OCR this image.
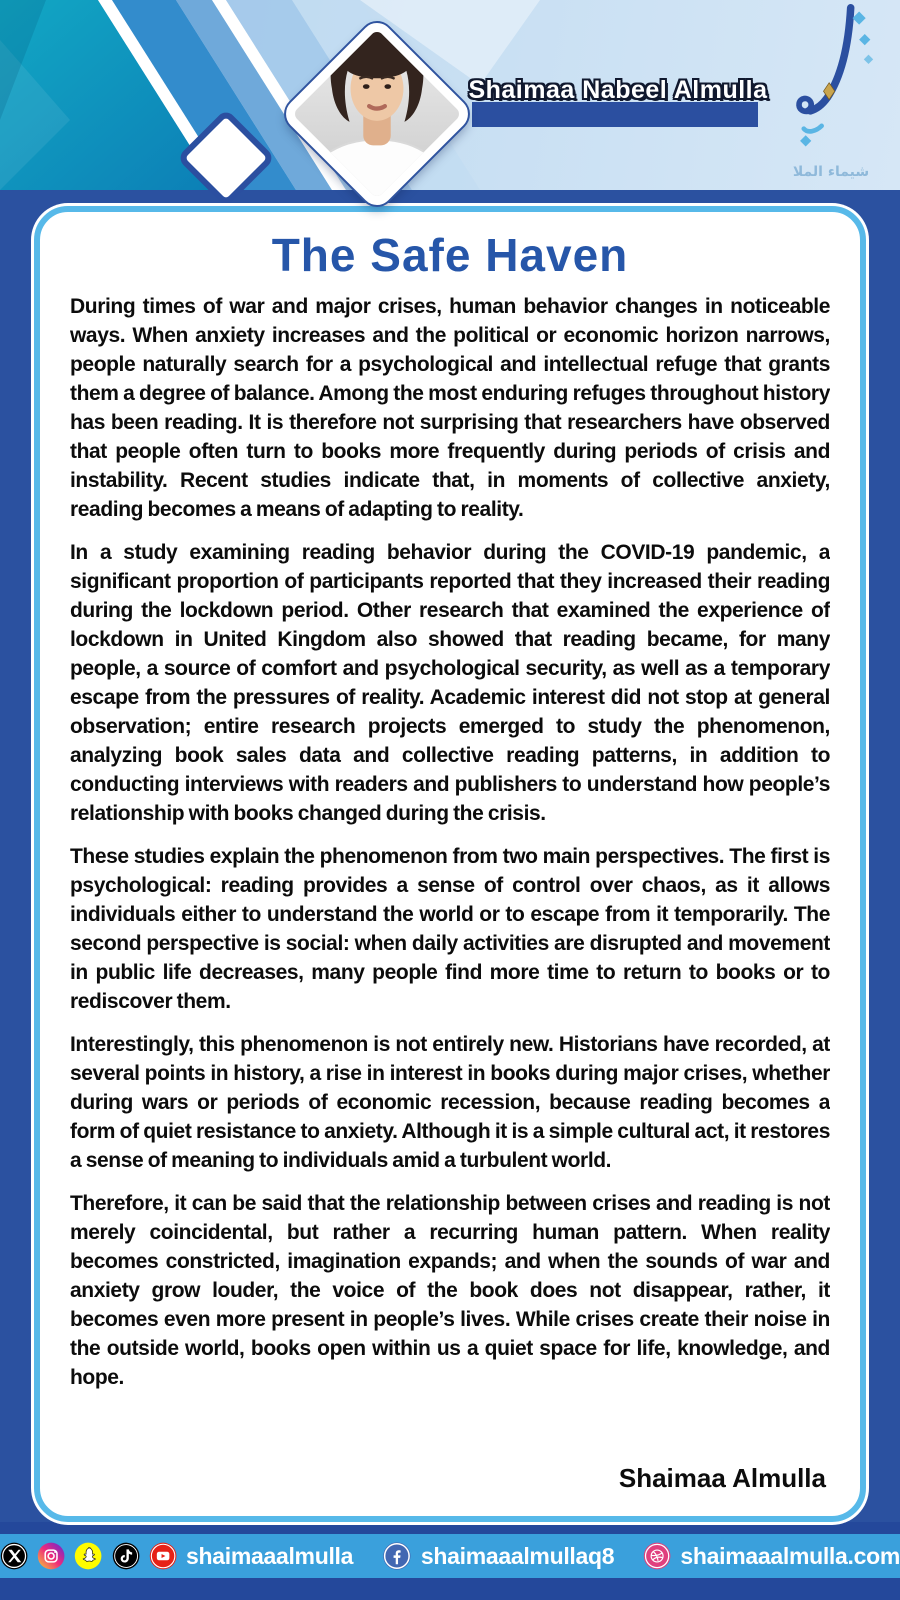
شيماء الملا
Shaimaa Nabeel Almulla
The Safe Haven

During times of war and major crises, human behavior changes in noticeable ways. When anxiety increases and the political or economic horizon narrows, people naturally search for a psychological and intellectual refuge that grants them a degree of balance. Among the most enduring refuges throughout history has been reading. It is therefore not surprising that researchers have observed that people often turn to books more frequently during periods of crisis and instability. Recent studies indicate that, in moments of collective anxiety, reading becomes a means of adapting to reality.

In a study examining reading behavior during the COVID-19 pandemic, a significant proportion of participants reported that they increased their reading during the lockdown period. Other research that examined the experience of lockdown in United Kingdom also showed that reading became, for many people, a source of comfort and psychological security, as well as a temporary escape from the pressures of reality. Academic interest did not stop at general observation; entire research projects emerged to study the phenomenon, analyzing book sales data and collective reading patterns, in addition to conducting interviews with readers and publishers to understand how people’s relationship with books changed during the crisis.

These studies explain the phenomenon from two main perspectives. The first is psychological: reading provides a sense of control over chaos, as it allows individuals either to understand the world or to escape from it temporarily. The second perspective is social: when daily activities are disrupted and movement in public life decreases, many people find more time to return to books or to rediscover them.

Interestingly, this phenomenon is not entirely new. Historians have recorded, at several points in history, a rise in interest in books during major crises, whether during wars or periods of economic recession, because reading becomes a form of quiet resistance to anxiety. Although it is a simple cultural act, it restores a sense of meaning to individuals amid a turbulent world.

Therefore, it can be said that the relationship between crises and reading is not merely coincidental, but rather a recurring human pattern. When reality becomes constricted, imagination expands; and when the sounds of war and anxiety grow louder, the voice of the book does not disappear, rather, it becomes even more present in people’s lives. While crises create their noise in the outside world, books open within us a quiet space for life, knowledge, and hope.

Shaimaa Almulla
shaimaaalmulla	shaimaaalmullaq8	shaimaaalmulla.com
